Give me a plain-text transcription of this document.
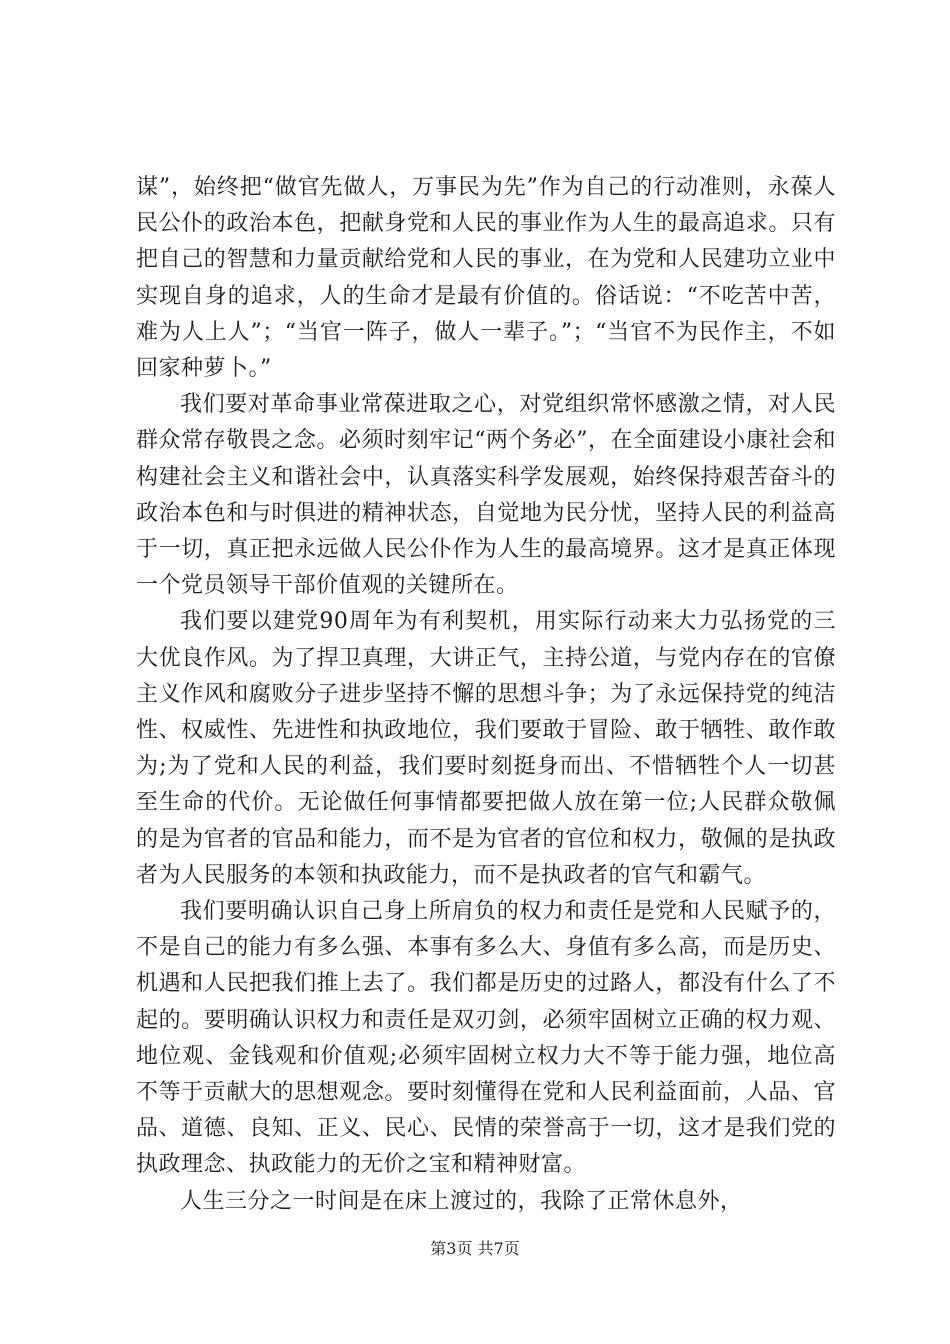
谋”，始终把“做官先做人，万事民为先”作为自己的行动准则，永葆人民公仆的政治本色，把献身党和人民的事业作为人生的最高追求。只有把自己的智慧和力量贡献给党和人民的事业，在为党和人民建功立业中实现自身的追求，人的生命才是最有价值的。俗话说：“不吃苦中苦，难为人上人”；“当官一阵子，做人一辈子。”；“当官不为民作主，不如回家种萝卜。”

我们要对革命事业常葆进取之心，对党组织常怀感激之情，对人民群众常存敬畏之念。必须时刻牢记“两个务必”，在全面建设小康社会和构建社会主义和谐社会中，认真落实科学发展观，始终保持艰苦奋斗的政治本色和与时俱进的精神状态，自觉地为民分忧，坚持人民的利益高于一切，真正把永远做人民公仆作为人生的最高境界。这才是真正体现一个党员领导干部价值观的关键所在。

我们要以建党90周年为有利契机，用实际行动来大力弘扬党的三大优良作风。为了捍卫真理，大讲正气，主持公道，与党内存在的官僚主义作风和腐败分子进步坚持不懈的思想斗争；为了永远保持党的纯洁性、权威性、先进性和执政地位，我们要敢于冒险、敢于牺牲、敢作敢为;为了党和人民的利益，我们要时刻挺身而出、不惜牺牲个人一切甚至生命的代价。无论做任何事情都要把做人放在第一位;人民群众敬佩的是为官者的官品和能力，而不是为官者的官位和权力，敬佩的是执政者为人民服务的本领和执政能力，而不是执政者的官气和霸气。

我们要明确认识自己身上所肩负的权力和责任是党和人民赋予的，不是自己的能力有多么强、本事有多么大、身值有多么高，而是历史、机遇和人民把我们推上去了。我们都是历史的过路人，都没有什么了不起的。要明确认识权力和责任是双刃剑，必须牢固树立正确的权力观、地位观、金钱观和价值观;必须牢固树立权力大不等于能力强，地位高不等于贡献大的思想观念。要时刻懂得在党和人民利益面前，人品、官品、道德、良知、正义、民心、民情的荣誉高于一切，这才是我们党的执政理念、执政能力的无价之宝和精神财富。

人生三分之一时间是在床上渡过的，我除了正常休息外，

第3页 共7页
